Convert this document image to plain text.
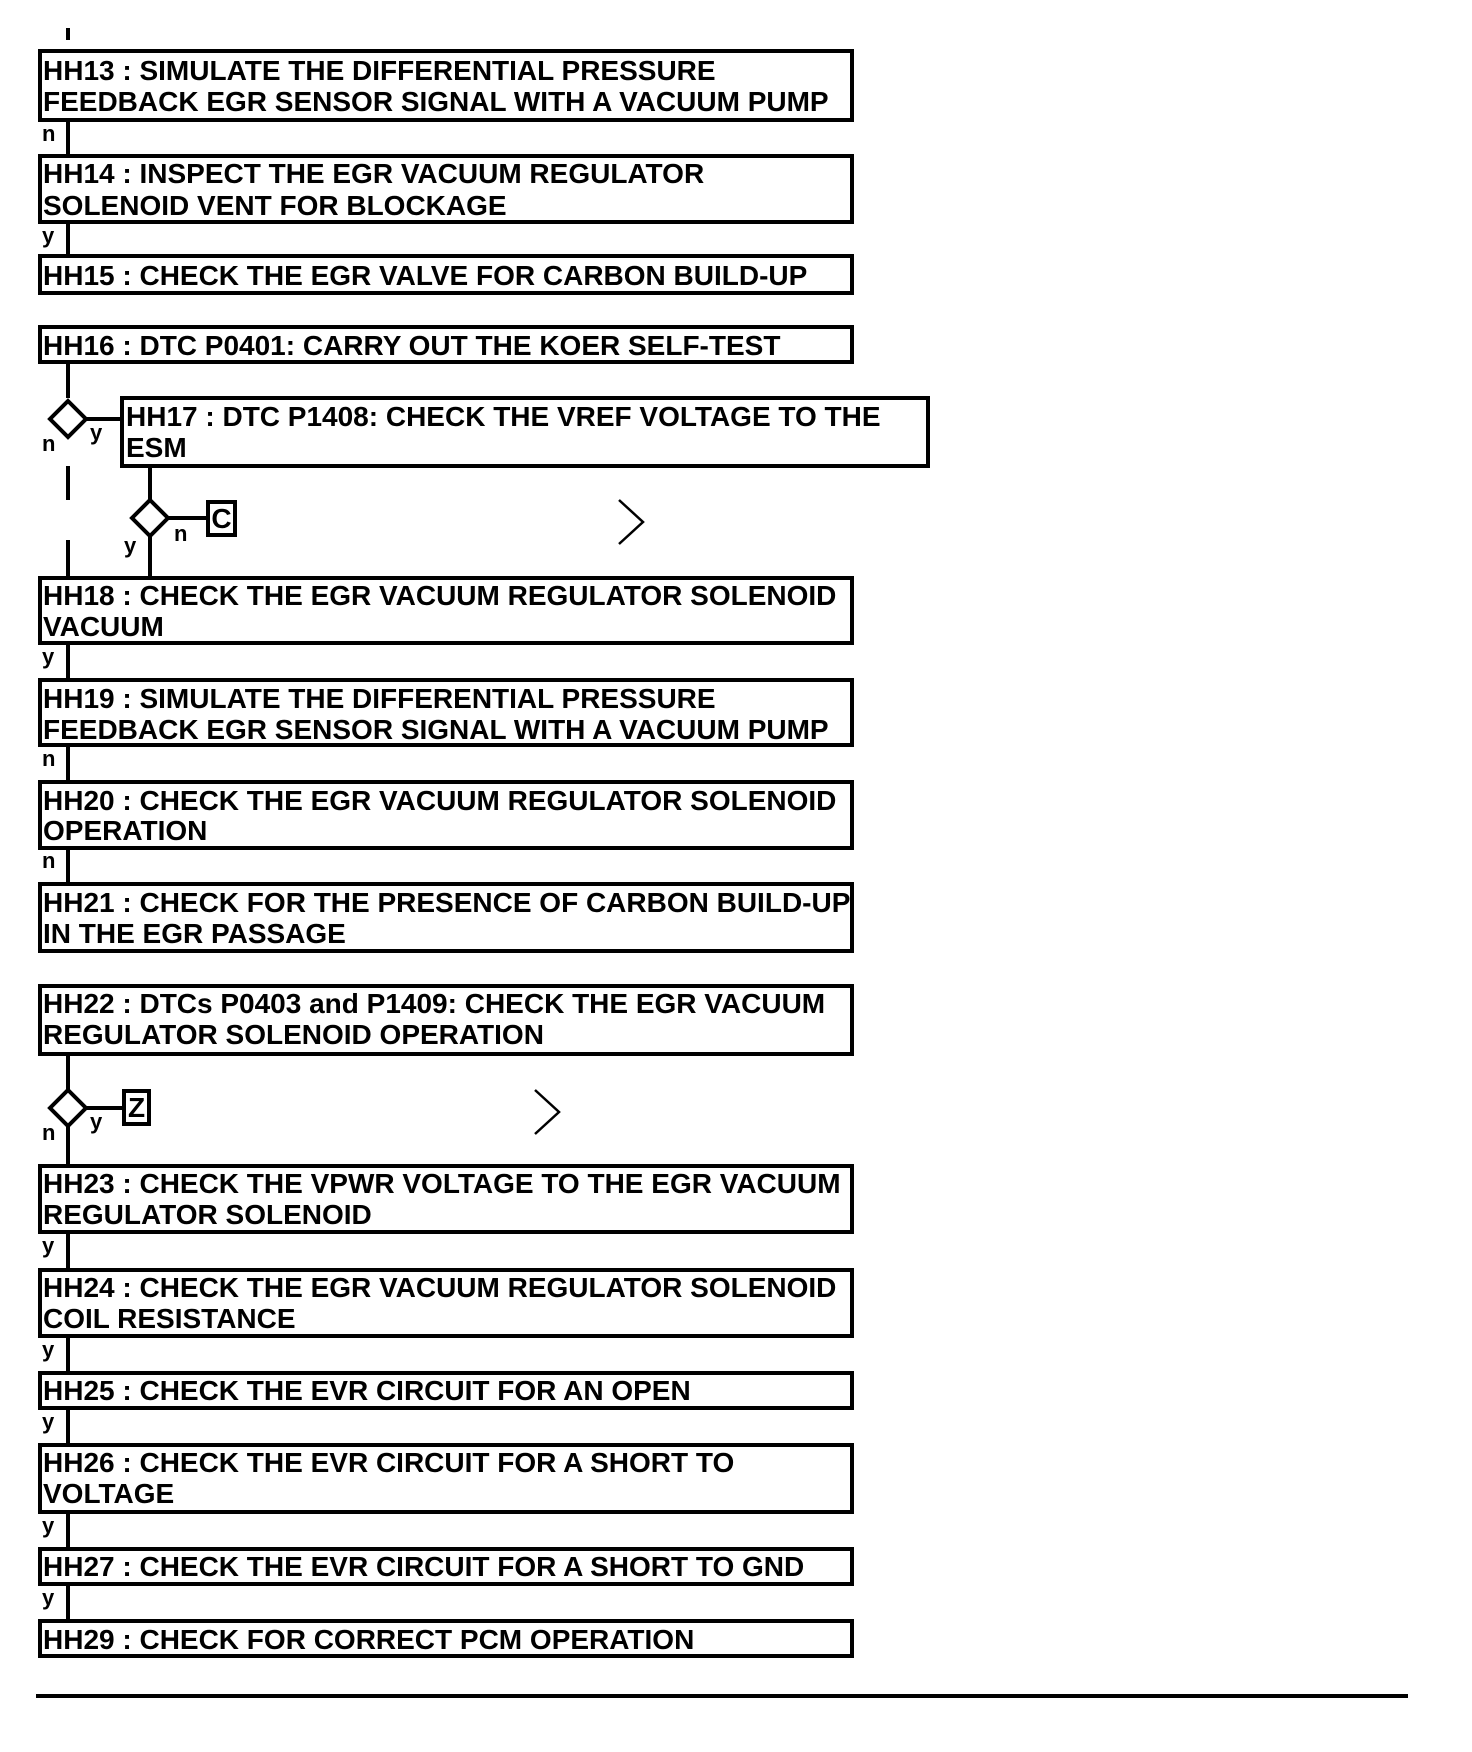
C
Z
HH13 : SIMULATE THE DIFFERENTIAL PRESSURE
FEEDBACK EGR SENSOR SIGNAL WITH A VACUUM PUMP
HH14 : INSPECT THE EGR VACUUM REGULATOR
SOLENOID VENT FOR BLOCKAGE
HH15 : CHECK THE EGR VALVE FOR CARBON BUILD-UP
HH16 : DTC P0401: CARRY OUT THE KOER SELF-TEST
HH17 : DTC P1408: CHECK THE VREF VOLTAGE TO THE
ESM
HH18 : CHECK THE EGR VACUUM REGULATOR SOLENOID
VACUUM
HH19 : SIMULATE THE DIFFERENTIAL PRESSURE
FEEDBACK EGR SENSOR SIGNAL WITH A VACUUM PUMP
HH20 : CHECK THE EGR VACUUM REGULATOR SOLENOID
OPERATION
HH21 : CHECK FOR THE PRESENCE OF CARBON BUILD-UP
IN THE EGR PASSAGE
HH22 : DTCs P0403 and P1409: CHECK THE EGR VACUUM
REGULATOR SOLENOID OPERATION
HH23 : CHECK THE VPWR VOLTAGE TO THE EGR VACUUM
REGULATOR SOLENOID
HH24 : CHECK THE EGR VACUUM REGULATOR SOLENOID
COIL RESISTANCE
HH25 : CHECK THE EVR CIRCUIT FOR AN OPEN
HH26 : CHECK THE EVR CIRCUIT FOR A SHORT TO
VOLTAGE
HH27 : CHECK THE EVR CIRCUIT FOR A SHORT TO GND
HH29 : CHECK FOR CORRECT PCM OPERATION
n
y
y
n
y n
y
n
n
y
n
y
y
y
y
y
